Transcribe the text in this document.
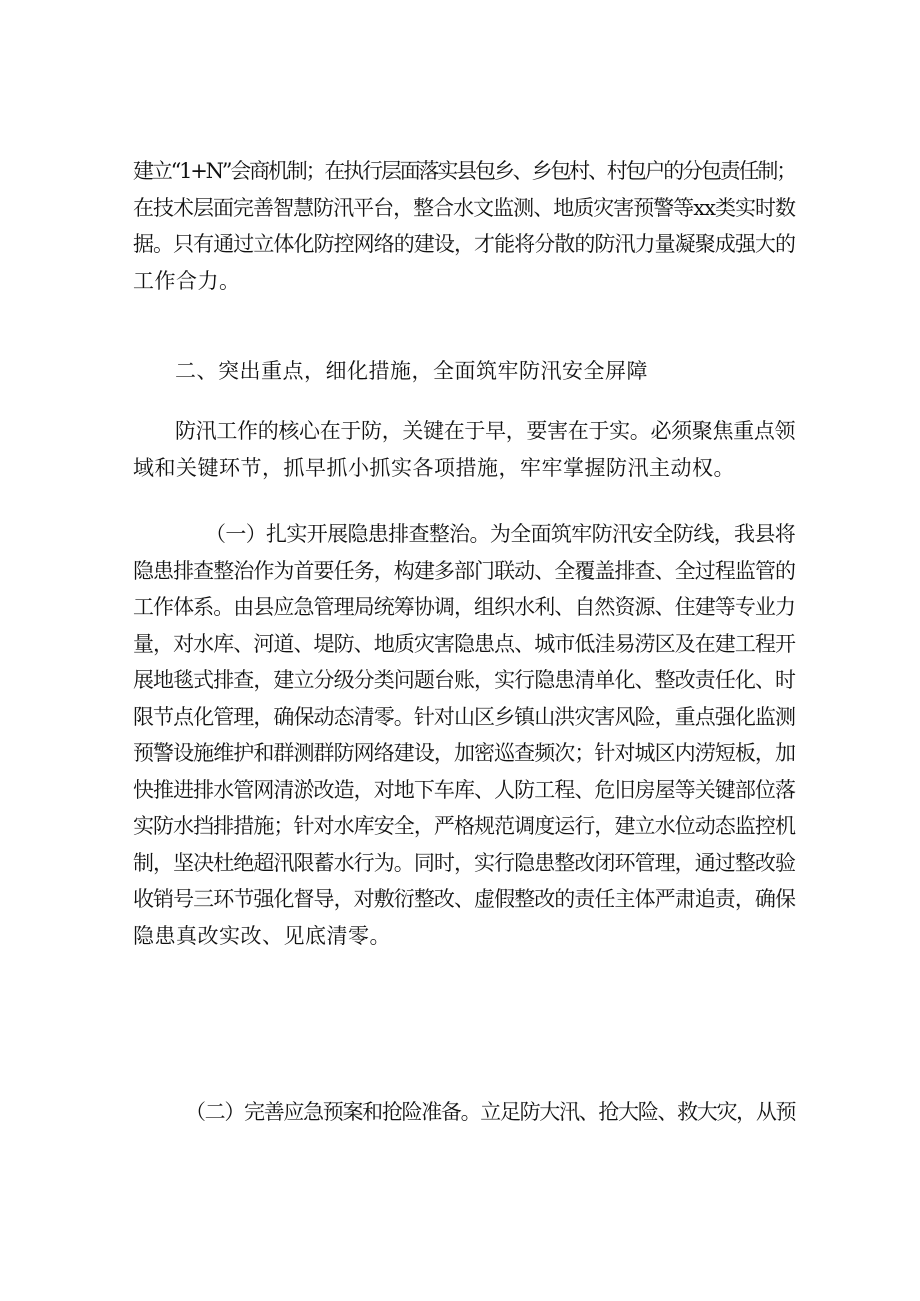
建立“1+N”会商机制；在执行层面落实县包乡、乡包村、村包户的分包责任制；
在技术层面完善智慧防汛平台，整合水文监测、地质灾害预警等xx类实时数
据。只有通过立体化防控网络的建设，才能将分散的防汛力量凝聚成强大的
工作合力。
二、突出重点，细化措施，全面筑牢防汛安全屏障
防汛工作的核心在于防，关键在于早，要害在于实。必须聚焦重点领
域和关键环节，抓早抓小抓实各项措施，牢牢掌握防汛主动权。
（一）扎实开展隐患排查整治。为全面筑牢防汛安全防线，我县将
隐患排查整治作为首要任务，构建多部门联动、全覆盖排查、全过程监管的
工作体系。由县应急管理局统筹协调，组织水利、自然资源、住建等专业力
量，对水库、河道、堤防、地质灾害隐患点、城市低洼易涝区及在建工程开
展地毯式排查，建立分级分类问题台账，实行隐患清单化、整改责任化、时
限节点化管理，确保动态清零。针对山区乡镇山洪灾害风险，重点强化监测
预警设施维护和群测群防网络建设，加密巡查频次；针对城区内涝短板，加
快推进排水管网清淤改造，对地下车库、人防工程、危旧房屋等关键部位落
实防水挡排措施；针对水库安全，严格规范调度运行，建立水位动态监控机
制，坚决杜绝超汛限蓄水行为。同时，实行隐患整改闭环管理，通过整改验
收销号三环节强化督导，对敷衍整改、虚假整改的责任主体严肃追责，确保
隐患真改实改、见底清零。
（二）完善应急预案和抢险准备。立足防大汛、抢大险、救大灾，从预
